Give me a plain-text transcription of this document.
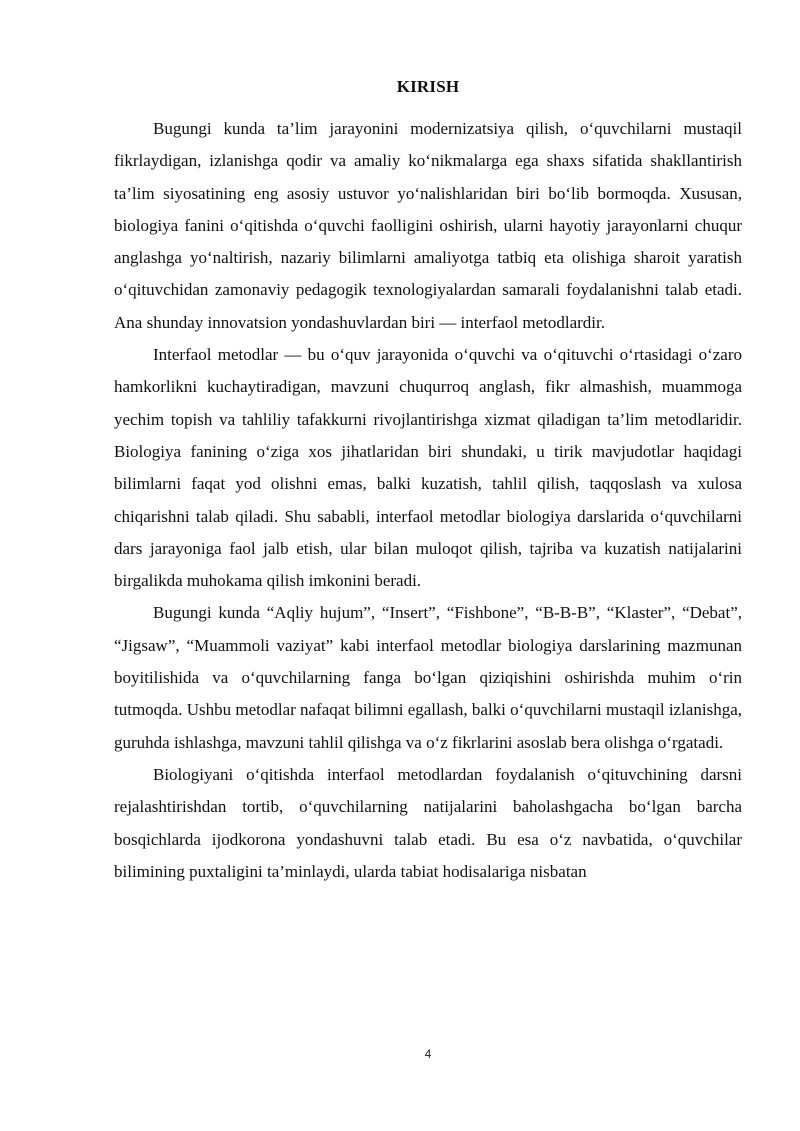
KIRISH

Bugungi kunda ta’lim jarayonini modernizatsiya qilish, o‘quvchilarni mustaqil fikrlaydigan, izlanishga qodir va amaliy ko‘nikmalarga ega shaxs sifatida shakllantirish ta’lim siyosatining eng asosiy ustuvor yo‘nalishlaridan biri bo‘lib bormoqda. Xususan, biologiya fanini o‘qitishda o‘quvchi faolligini oshirish, ularni hayotiy jarayonlarni chuqur anglashga yo‘naltirish, nazariy bilimlarni amaliyotga tatbiq eta olishiga sharoit yaratish o‘qituvchidan zamonaviy pedagogik texnologiyalardan samarali foydalanishni talab etadi. Ana shunday innovatsion yondashuvlardan biri — interfaol metodlardir.

Interfaol metodlar — bu o‘quv jarayonida o‘quvchi va o‘qituvchi o‘rtasidagi o‘zaro hamkorlikni kuchaytiradigan, mavzuni chuqurroq anglash, fikr almashish, muammoga yechim topish va tahliliy tafakkurni rivojlantirishga xizmat qiladigan ta’lim metodlaridir. Biologiya fanining o‘ziga xos jihatlaridan biri shundaki, u tirik mavjudotlar haqidagi bilimlarni faqat yod olishni emas, balki kuzatish, tahlil qilish, taqqoslash va xulosa chiqarishni talab qiladi. Shu sababli, interfaol metodlar biologiya darslarida o‘quvchilarni dars jarayoniga faol jalb etish, ular bilan muloqot qilish, tajriba va kuzatish natijalarini birgalikda muhokama qilish imkonini beradi.

Bugungi kunda “Aqliy hujum”, “Insert”, “Fishbone”, “B-B-B”, “Klaster”, “Debat”, “Jigsaw”, “Muammoli vaziyat” kabi interfaol metodlar biologiya darslarining mazmunan boyitilishida va o‘quvchilarning fanga bo‘lgan qiziqishini oshirishda muhim o‘rin tutmoqda. Ushbu metodlar nafaqat bilimni egallash, balki o‘quvchilarni mustaqil izlanishga, guruhda ishlashga, mavzuni tahlil qilishga va o‘z fikrlarini asoslab bera olishga o‘rgatadi.

Biologiyani o‘qitishda interfaol metodlardan foydalanish o‘qituvchining darsni rejalashtirishdan tortib, o‘quvchilarning natijalarini baholashgacha bo‘lgan barcha bosqichlarda ijodkorona yondashuvni talab etadi. Bu esa o‘z navbatida, o‘quvchilar bilimining puxtaligini ta’minlaydi, ularda tabiat hodisalariga nisbatan

4
